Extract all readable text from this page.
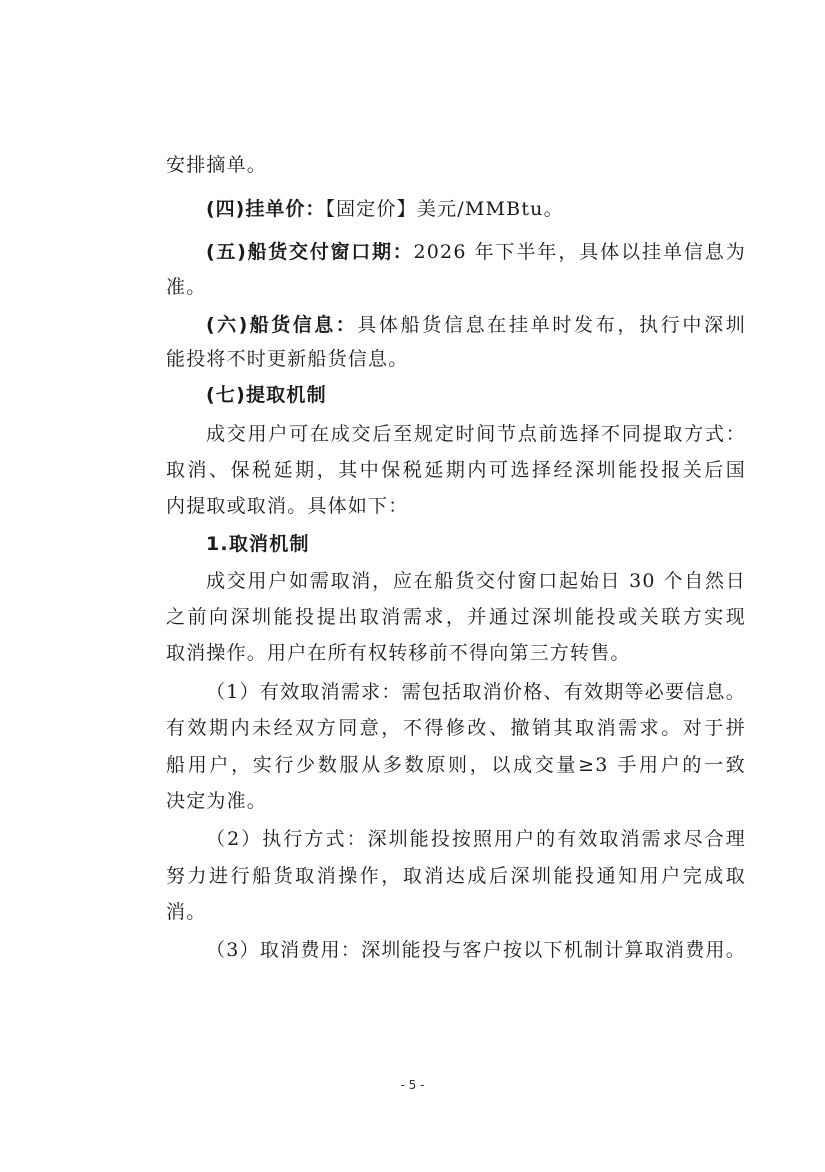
安排摘单。
(四)挂单价：【固定价】美元/MMBtu。
(五)船货交付窗口期：2026 年下半年，具体以挂单信息为
准。
(六)船货信息：具体船货信息在挂单时发布，执行中深圳
能投将不时更新船货信息。
(七)提取机制
成交用户可在成交后至规定时间节点前选择不同提取方式：
取消、保税延期，其中保税延期内可选择经深圳能投报关后国
内提取或取消。具体如下：
1.取消机制
成交用户如需取消，应在船货交付窗口起始日 30 个自然日
之前向深圳能投提出取消需求，并通过深圳能投或关联方实现
取消操作。用户在所有权转移前不得向第三方转售。
（1）有效取消需求：需包括取消价格、有效期等必要信息。
有效期内未经双方同意，不得修改、撤销其取消需求。对于拼
船用户，实行少数服从多数原则，以成交量≥3 手用户的一致
决定为准。
（2）执行方式：深圳能投按照用户的有效取消需求尽合理
努力进行船货取消操作，取消达成后深圳能投通知用户完成取
消。
（3）取消费用：深圳能投与客户按以下机制计算取消费用。
- 5 -
